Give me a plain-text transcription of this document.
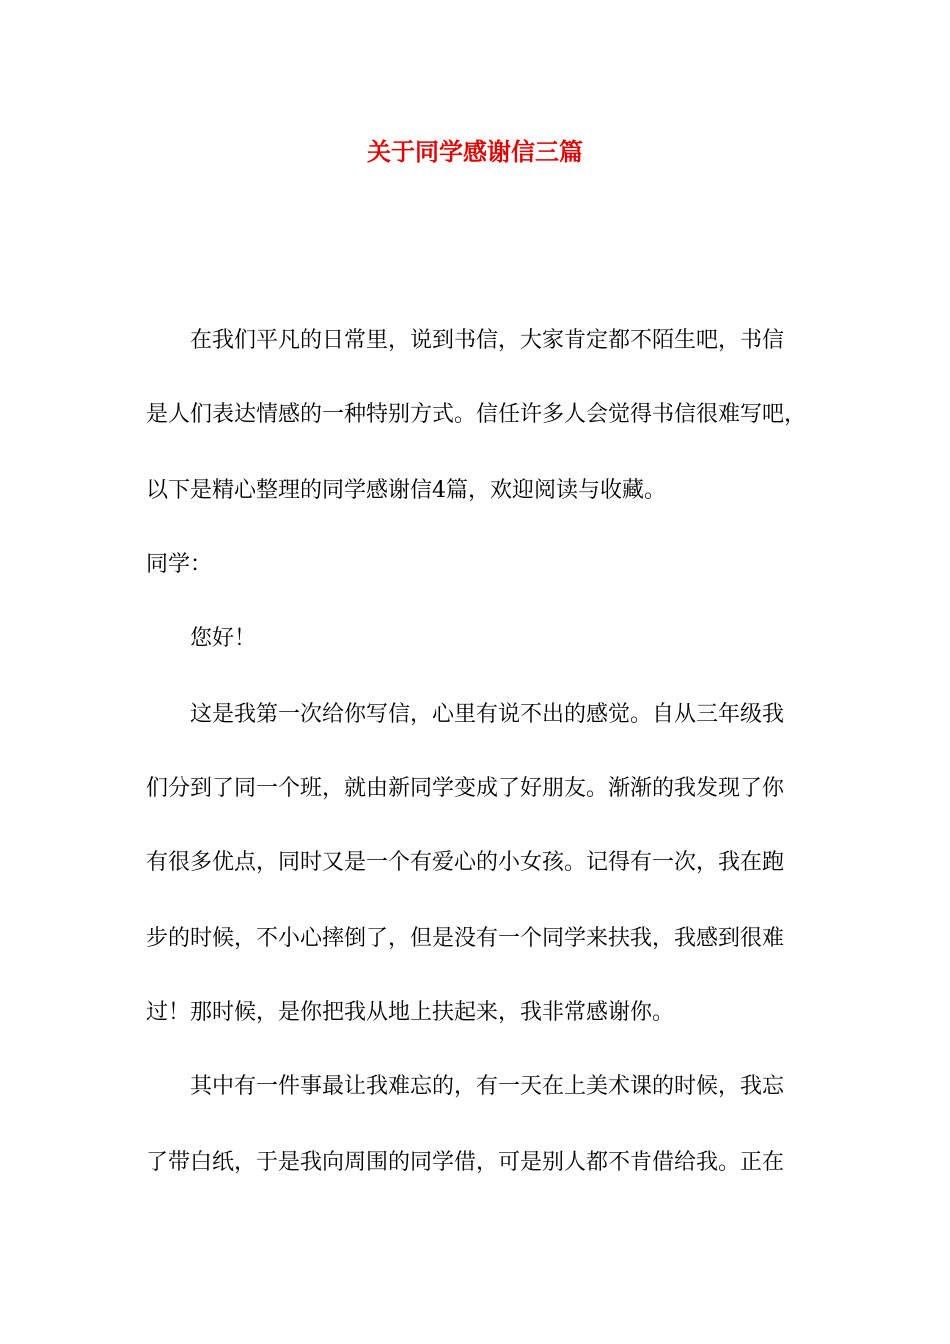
关于同学感谢信三篇

在我们平凡的日常里，说到书信，大家肯定都不陌生吧，书信

是人们表达情感的一种特别方式。信任许多人会觉得书信很难写吧，

以下是精心整理的同学感谢信4篇，欢迎阅读与收藏。

同学：

您好！

这是我第一次给你写信，心里有说不出的感觉。自从三年级我

们分到了同一个班，就由新同学变成了好朋友。渐渐的我发现了你

有很多优点，同时又是一个有爱心的小女孩。记得有一次，我在跑

步的时候，不小心摔倒了，但是没有一个同学来扶我，我感到很难

过！那时候，是你把我从地上扶起来，我非常感谢你。

其中有一件事最让我难忘的，有一天在上美术课的时候，我忘

了带白纸，于是我向周围的同学借，可是别人都不肯借给我。正在
